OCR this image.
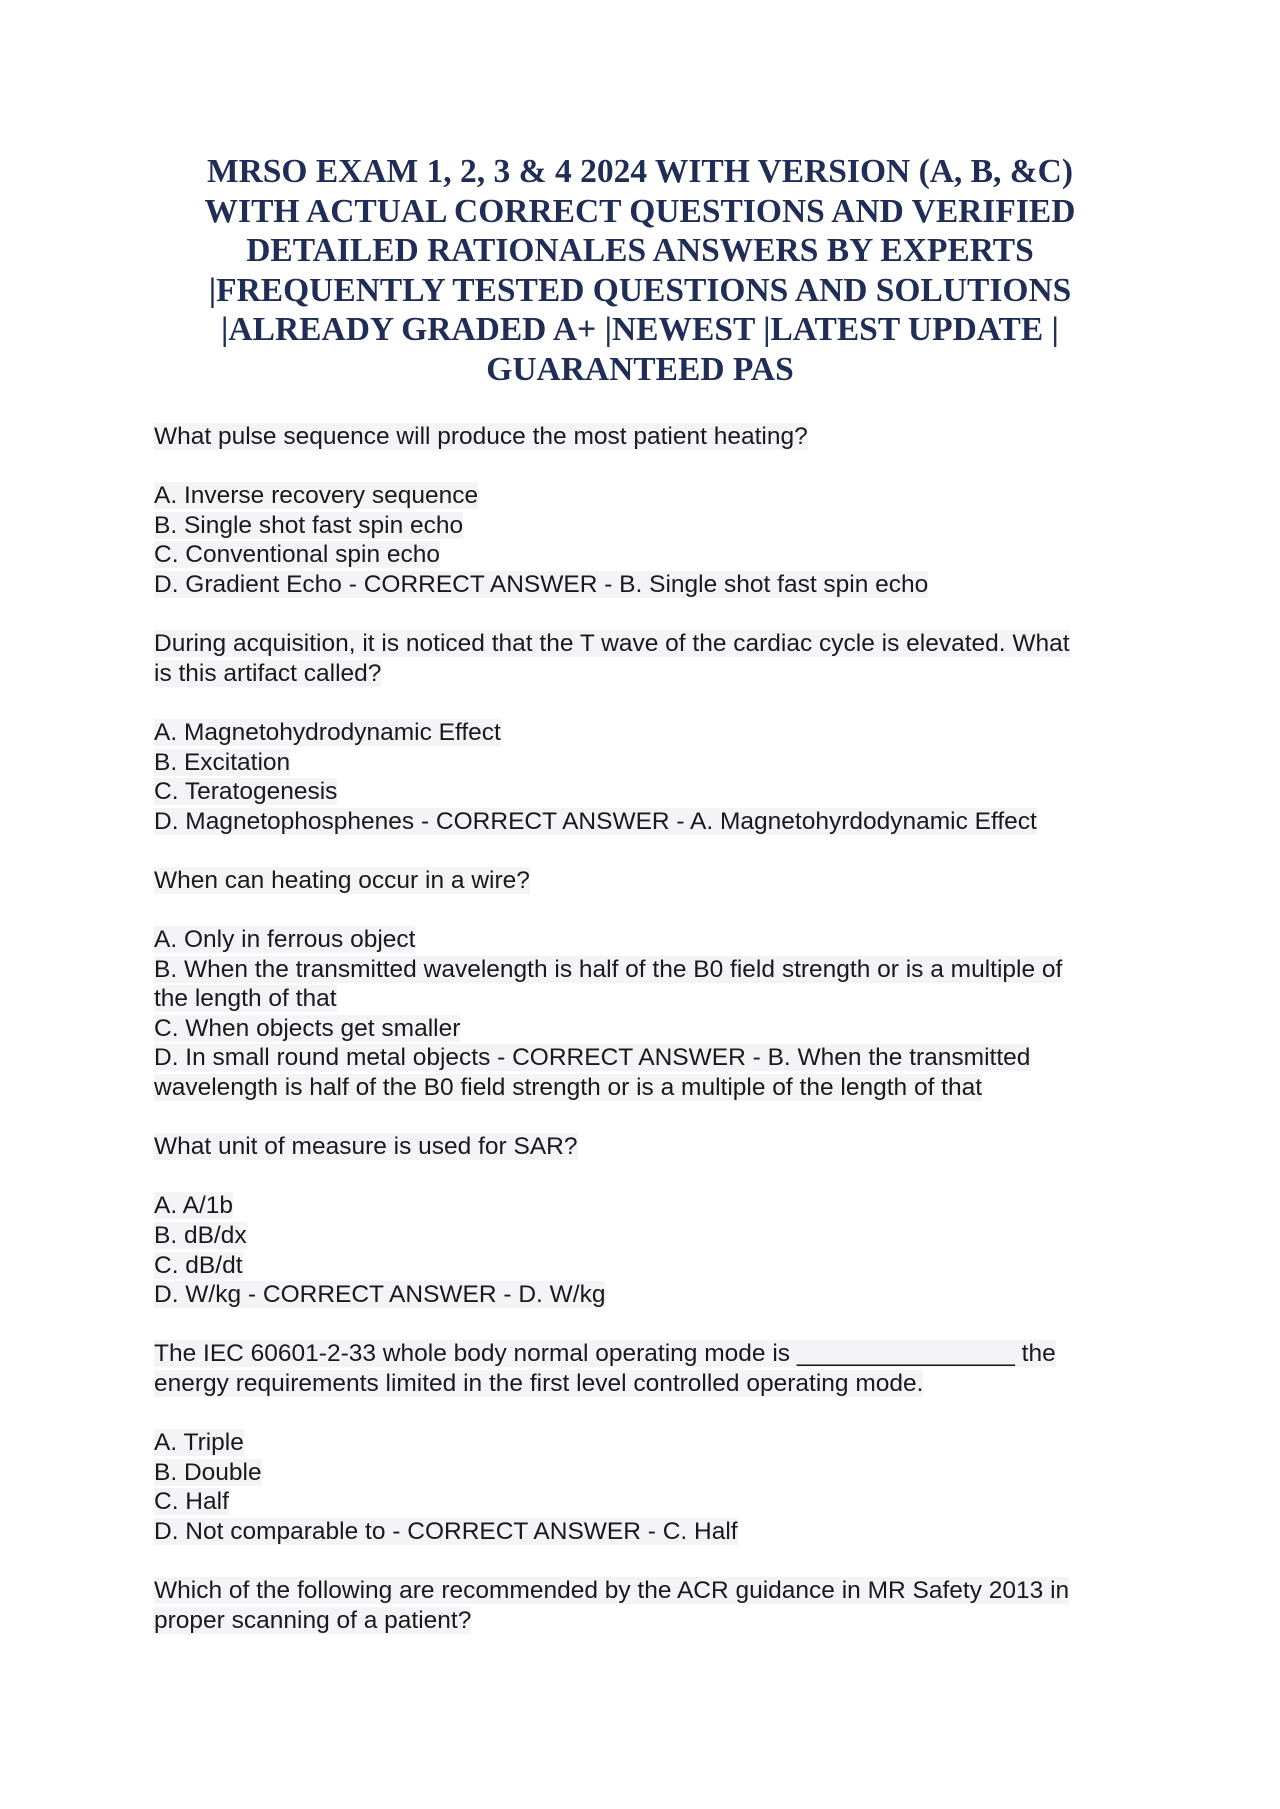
MRSO EXAM 1, 2, 3 & 4 2024 WITH VERSION (A, B, &C)
WITH ACTUAL CORRECT QUESTIONS AND VERIFIED
DETAILED RATIONALES ANSWERS BY EXPERTS
|FREQUENTLY TESTED QUESTIONS AND SOLUTIONS
|ALREADY GRADED A+ |NEWEST |LATEST UPDATE |
GUARANTEED PAS
What pulse sequence will produce the most patient heating?
A. Inverse recovery sequence
B. Single shot fast spin echo
C. Conventional spin echo
D. Gradient Echo - CORRECT ANSWER - B. Single shot fast spin echo
During acquisition, it is noticed that the T wave of the cardiac cycle is elevated. What
is this artifact called?
A. Magnetohydrodynamic Effect
B. Excitation
C. Teratogenesis
D. Magnetophosphenes - CORRECT ANSWER - A. Magnetohyrdodynamic Effect
When can heating occur in a wire?
A. Only in ferrous object
B. When the transmitted wavelength is half of the B0 field strength or is a multiple of
the length of that
C. When objects get smaller
D. In small round metal objects - CORRECT ANSWER - B. When the transmitted
wavelength is half of the B0 field strength or is a multiple of the length of that
What unit of measure is used for SAR?
A. A/1b
B. dB/dx
C. dB/dt
D. W/kg - CORRECT ANSWER - D. W/kg
The IEC 60601-2-33 whole body normal operating mode is ________________ the
energy requirements limited in the first level controlled operating mode.
A. Triple
B. Double
C. Half
D. Not comparable to - CORRECT ANSWER - C. Half
Which of the following are recommended by the ACR guidance in MR Safety 2013 in
proper scanning of a patient?
